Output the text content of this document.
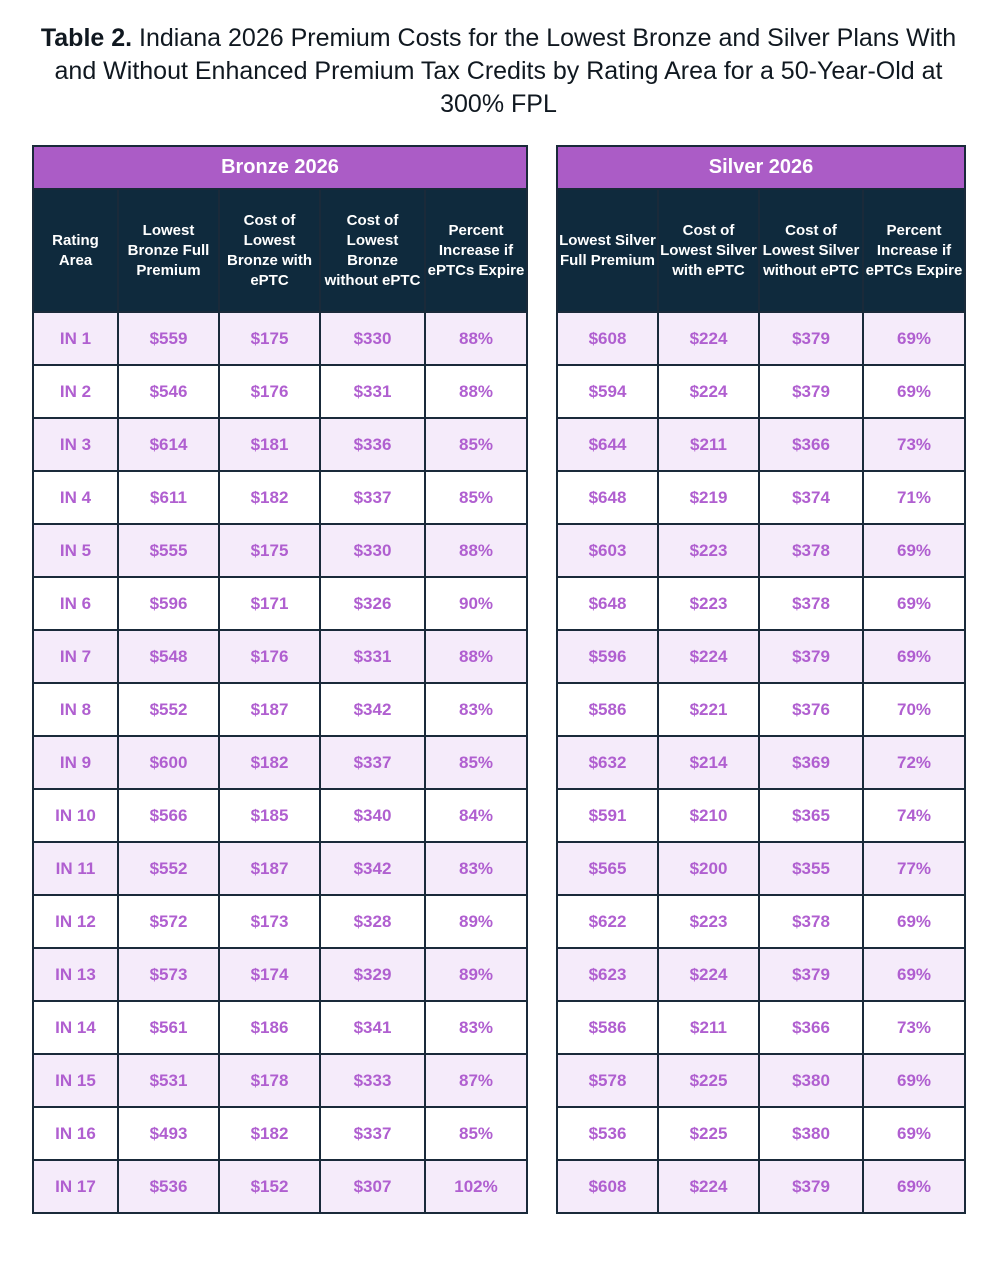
Table 2. Indiana 2026 Premium Costs for the Lowest Bronze and Silver Plans With and Without Enhanced Premium Tax Credits by Rating Area for a 50-Year-Old at 300% FPL
Bronze 2026				
Rating Area	Lowest Bronze Full Premium	Cost of Lowest Bronze with ePTC	Cost of Lowest Bronze without ePTC	Percent Increase if ePTCs Expire
IN 1	$559	$175	$330	88%
IN 2	$546	$176	$331	88%
IN 3	$614	$181	$336	85%
IN 4	$611	$182	$337	85%
IN 5	$555	$175	$330	88%
IN 6	$596	$171	$326	90%
IN 7	$548	$176	$331	88%
IN 8	$552	$187	$342	83%
IN 9	$600	$182	$337	85%
IN 10	$566	$185	$340	84%
IN 11	$552	$187	$342	83%
IN 12	$572	$173	$328	89%
IN 13	$573	$174	$329	89%
IN 14	$561	$186	$341	83%
IN 15	$531	$178	$333	87%
IN 16	$493	$182	$337	85%
IN 17	$536	$152	$307	102%
Silver 2026			
Lowest Silver Full Premium	Cost of Lowest Silver with ePTC	Cost of Lowest Silver without ePTC	Percent Increase if ePTCs Expire
$608	$224	$379	69%
$594	$224	$379	69%
$644	$211	$366	73%
$648	$219	$374	71%
$603	$223	$378	69%
$648	$223	$378	69%
$596	$224	$379	69%
$586	$221	$376	70%
$632	$214	$369	72%
$591	$210	$365	74%
$565	$200	$355	77%
$622	$223	$378	69%
$623	$224	$379	69%
$586	$211	$366	73%
$578	$225	$380	69%
$536	$225	$380	69%
$608	$224	$379	69%
